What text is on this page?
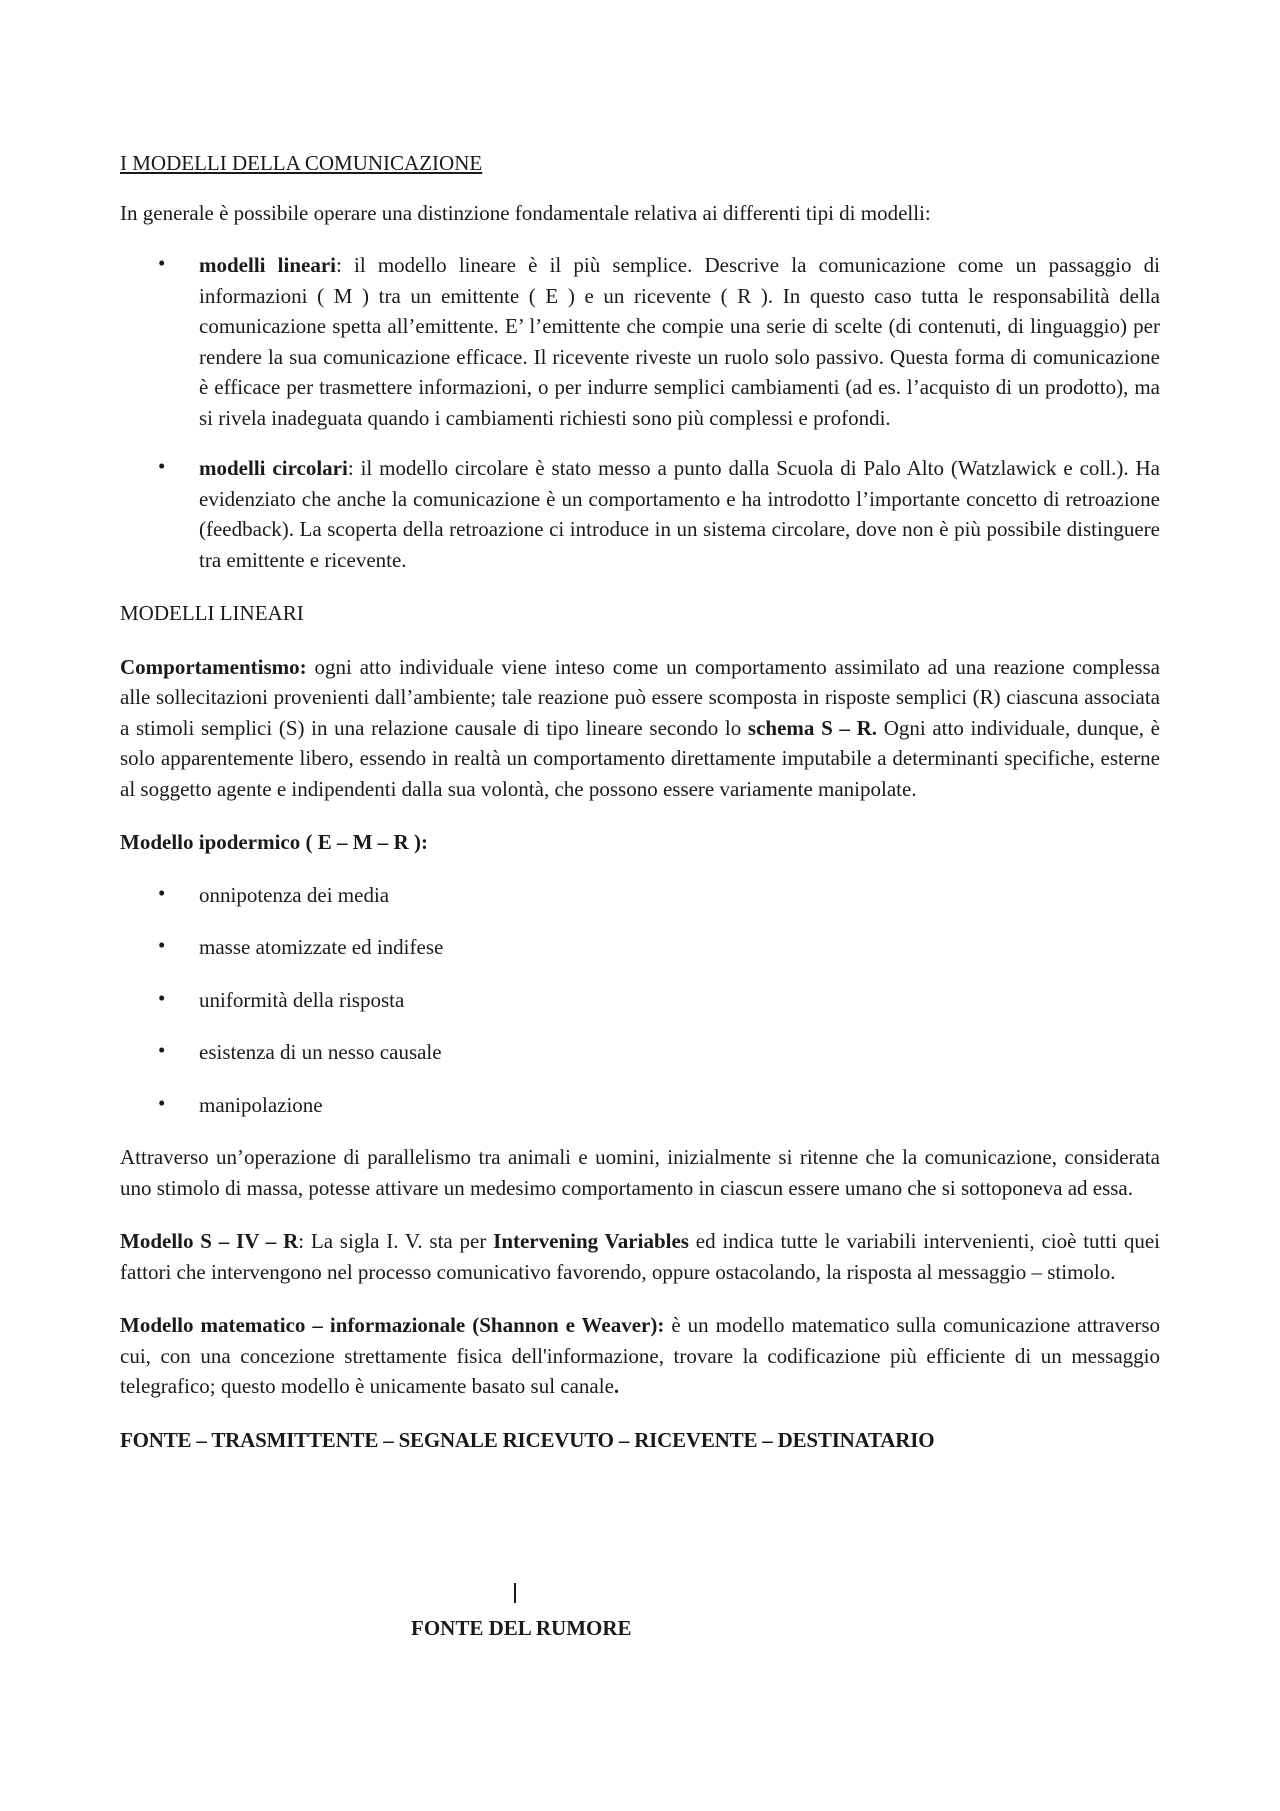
I MODELLI DELLA COMUNICAZIONE

In generale è possibile operare una distinzione fondamentale relativa ai differenti tipi di modelli:

• modelli lineari: il modello lineare è il più semplice. Descrive la comunicazione come un passaggio di informazioni ( M ) tra un emittente ( E ) e un ricevente ( R ). In questo caso tutta le responsabilità della comunicazione spetta all’emittente. E’ l’emittente che compie una serie di scelte (di contenuti, di linguaggio) per rendere la sua comunicazione efficace. Il ricevente riveste un ruolo solo passivo. Questa forma di comunicazione è efficace per trasmettere informazioni, o per indurre semplici cambiamenti (ad es. l’acquisto di un prodotto), ma si rivela inadeguata quando i cambiamenti richiesti sono più complessi e profondi.
• modelli circolari: il modello circolare è stato messo a punto dalla Scuola di Palo Alto (Watzlawick e coll.). Ha evidenziato che anche la comunicazione è un comportamento e ha introdotto l’importante concetto di retroazione (feedback). La scoperta della retroazione ci introduce in un sistema circolare, dove non è più possibile distinguere tra emittente e ricevente.

MODELLI LINEARI

Comportamentismo: ogni atto individuale viene inteso come un comportamento assimilato ad una reazione complessa alle sollecitazioni provenienti dall’ambiente; tale reazione può essere scomposta in risposte semplici (R) ciascuna associata a stimoli semplici (S) in una relazione causale di tipo lineare secondo lo schema S – R. Ogni atto individuale, dunque, è solo apparentemente libero, essendo in realtà un comportamento direttamente imputabile a determinanti specifiche, esterne al soggetto agente e indipendenti dalla sua volontà, che possono essere variamente manipolate.

Modello ipodermico ( E – M – R ):

• onnipotenza dei media
• masse atomizzate ed indifese
• uniformità della risposta
• esistenza di un nesso causale
• manipolazione

Attraverso un’operazione di parallelismo tra animali e uomini, inizialmente si ritenne che la comunicazione, considerata uno stimolo di massa, potesse attivare un medesimo comportamento in ciascun essere umano che si sottoponeva ad essa.

Modello S – IV – R: La sigla I. V. sta per Intervening Variables ed indica tutte le variabili intervenienti, cioè tutti quei fattori che intervengono nel processo comunicativo favorendo, oppure ostacolando, la risposta al messaggio – stimolo.

Modello matematico – informazionale (Shannon e Weaver): è un modello matematico sulla comunicazione attraverso cui, con una concezione strettamente fisica dell'informazione, trovare la codificazione più efficiente di un messaggio telegrafico; questo modello è unicamente basato sul canale.

FONTE – TRASMITTENTE – SEGNALE RICEVUTO – RICEVENTE – DESTINATARIO

FONTE DEL RUMORE
